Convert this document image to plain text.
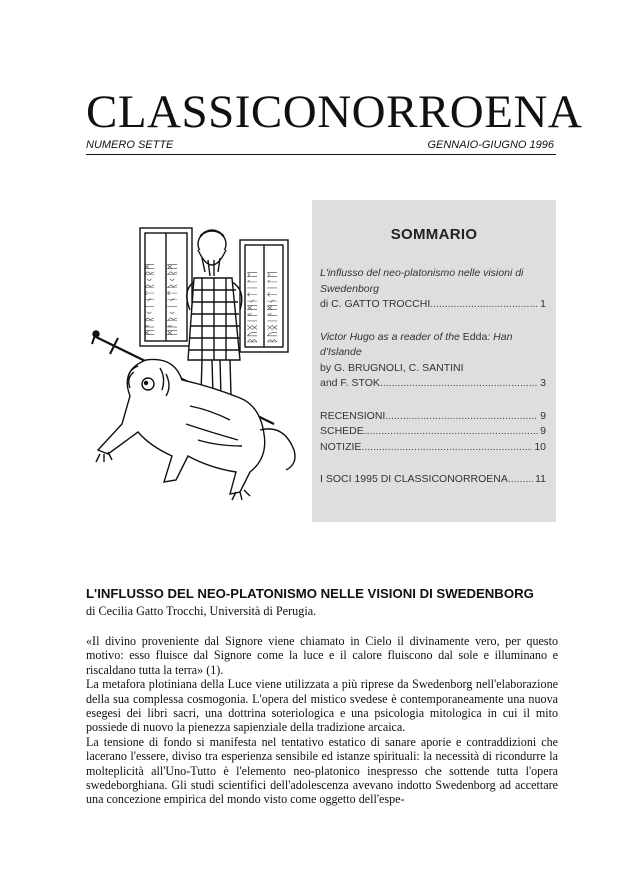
CLASSICONORROENA
NUMERO SETTE	GENNAIO-GIUGNO 1996
ᛗᚨᚱᚲᛁᚾᛏᚱᚲᚱᛗ ᛗᚨᚱᚲᛁᚾᛏᚱᚲᚱᛗ	ᛒᚢᛝᛁᚨᛗᚾᛏᛁᛚᛖ ᛒᚢᛝᛁᚨᛗᚾᛏᛁᛚᛖ
SOMMARIO
L'influsso del neo-platonismo nelle visioni di Swedenborg
di C. GATTO TROCCHI .....	1
Victor Hugo as a reader of the Edda: Han d'Islande
by G. BRUGNOLI, C. SANTINI
and F. STOK .....	3
RECENSIONI .....	9
SCHEDE .....	9
NOTIZIE .....	10
I SOCI 1995 DI CLASSICONORROENA .....	11
L'INFLUSSO DEL NEO-PLATONISMO NELLE VISIONI DI SWEDENBORG
di Cecilia Gatto Trocchi, Università di Perugia.

«Il divino proveniente dal Signore viene chiamato in Cielo il divinamente vero, per questo motivo: esso fluisce dal Signore come la luce e il calore fluiscono dal sole e illuminano e riscaldano tutta la terra» (1).

La metafora plotiniana della Luce viene utilizzata a più riprese da Swedenborg nell'elaborazione della sua complessa cosmogonia. L'opera del mistico svedese è contemporaneamente una nuova esegesi dei libri sacri, una dottrina soteriologica e una psicologia mitologica in cui il mito possiede di nuovo la pienezza sapienziale della tradizione arcaica.

La tensione di fondo si manifesta nel tentativo estatico di sanare aporie e contraddizioni che lacerano l'essere, diviso tra esperienza sensibile ed istanze spirituali: la necessità di ricondurre la molteplicità all'Uno-Tutto è l'elemento neo-platonico inespresso che sottende tutta l'opera swedeborghiana. Gli studi scientifici dell'adolescenza avevano indotto Swedenborg ad accettare una concezione empirica del mondo visto come oggetto dell'espe-
